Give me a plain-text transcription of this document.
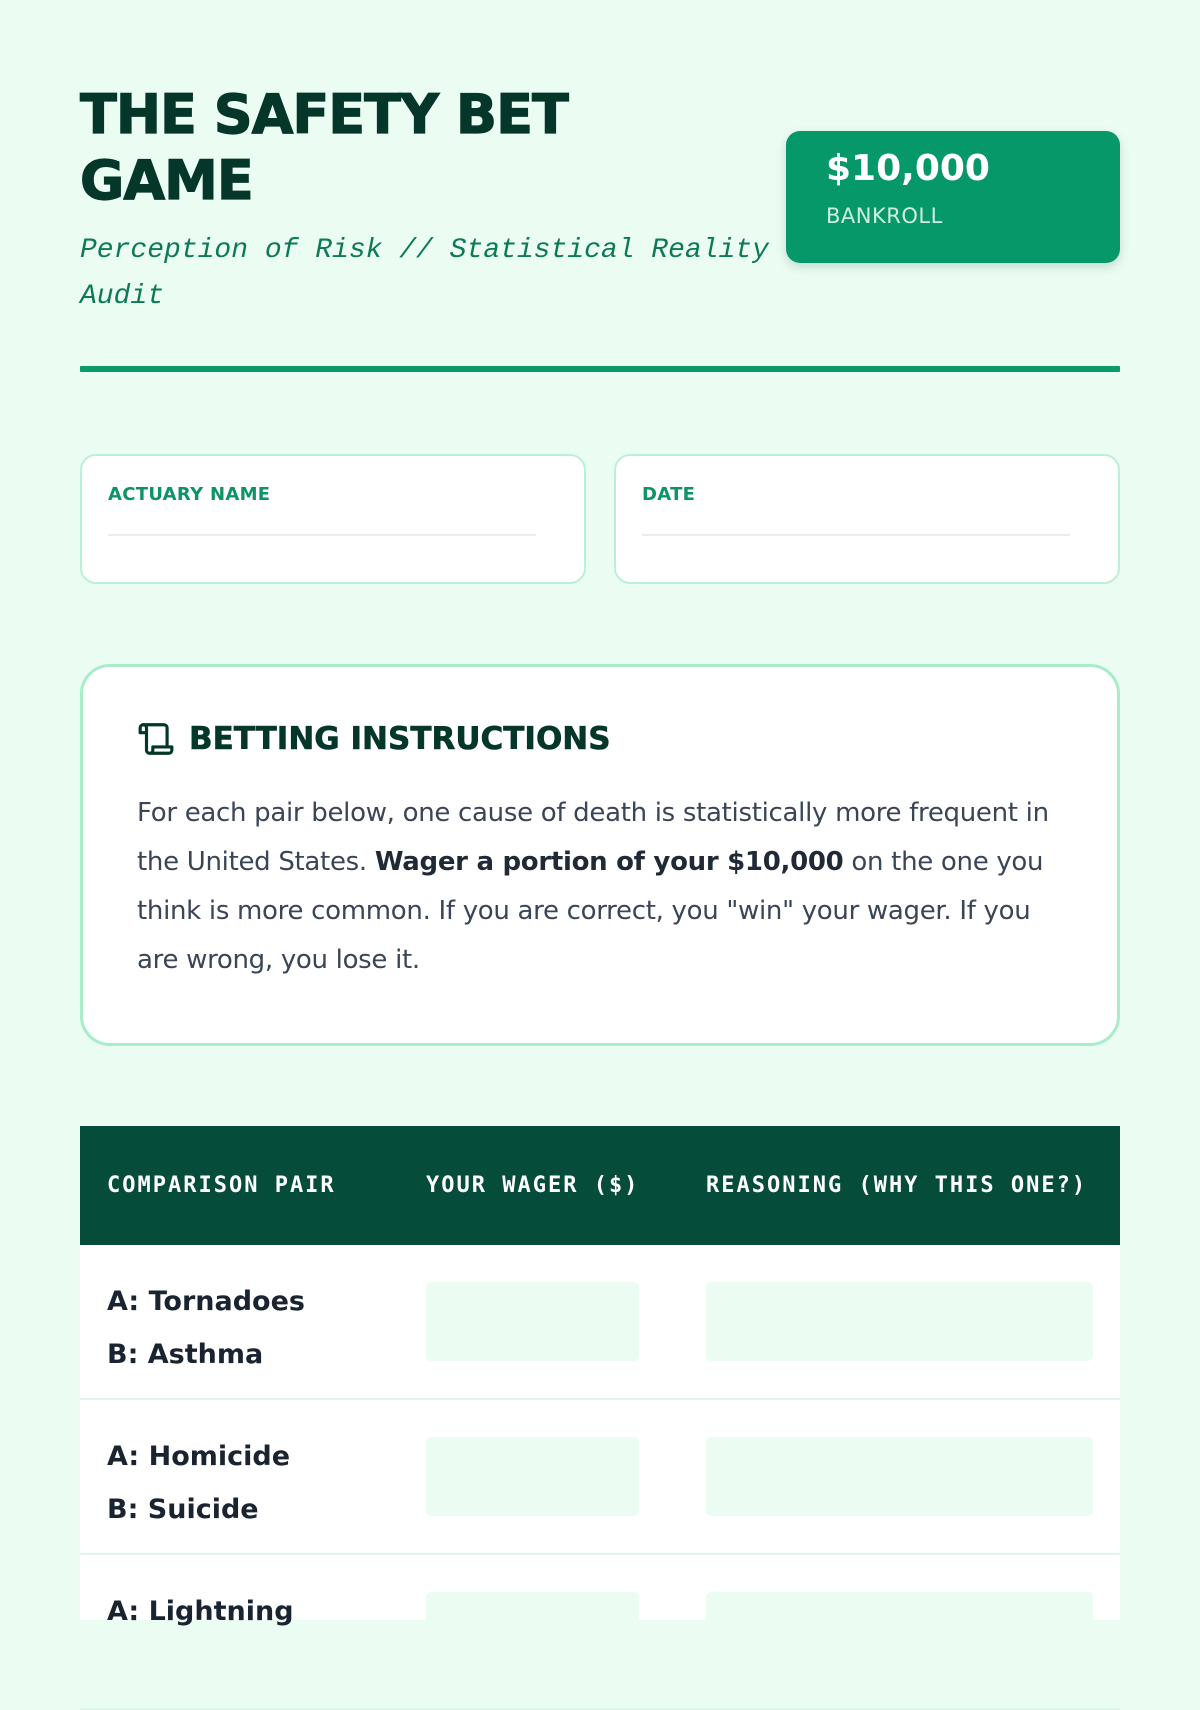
THE SAFETY BET GAME
Perception of Risk // Statistical Reality Audit
$10,000
BANKROLL
ACTUARY NAME	DATE
BETTING INSTRUCTIONS
For each pair below, one cause of death is statistically more frequent in the United States. Wager a portion of your $10,000 on the one you think is more common. If you are correct, you "win" your wager. If you are wrong, you lose it.
COMPARISON PAIR	YOUR WAGER ($)	REASONING (WHY THIS ONE?)
A: Tornadoes
B: Asthma
A: Homicide
B: Suicide
A: Lightning
